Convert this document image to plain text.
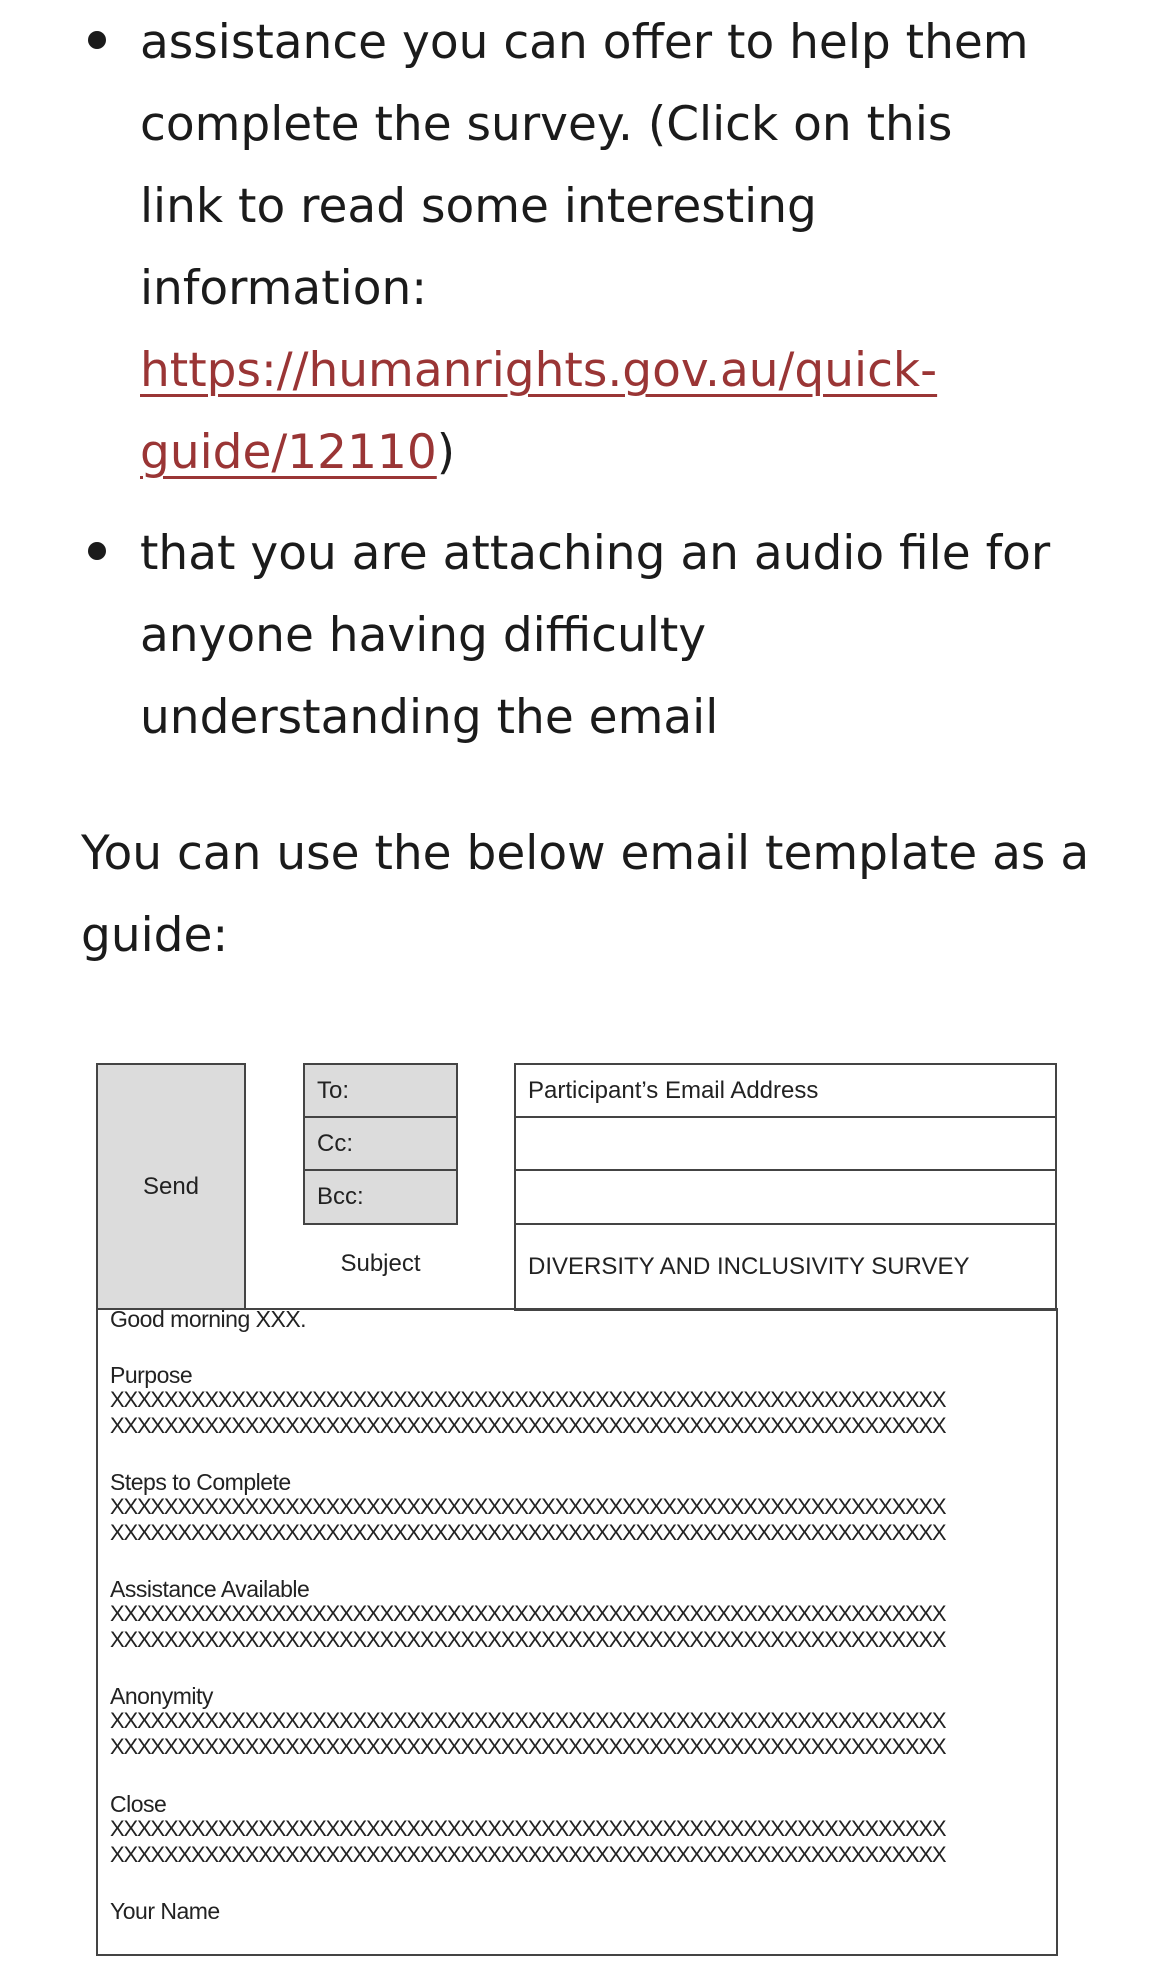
assistance you can offer to help them
complete the survey. (Click on this
link to read some interesting
information:
https://humanrights.gov.au/quick-
guide/12110)
that you are attaching an audio file for
anyone having difficulty
understanding the email
You can use the below email template as a
guide:
Send
To:
Cc:
Bcc:
Participant’s Email Address
Subject	DIVERSITY AND INCLUSIVITY SURVEY
Good morning XXX.
Purpose
XXXXXXXXXXXXXXXXXXXXXXXXXXXXXXXXXXXXXXXXXXXXXXXXXXXXXXXXXXXXXX
XXXXXXXXXXXXXXXXXXXXXXXXXXXXXXXXXXXXXXXXXXXXXXXXXXXXXXXXXXXXXX
Steps to Complete
XXXXXXXXXXXXXXXXXXXXXXXXXXXXXXXXXXXXXXXXXXXXXXXXXXXXXXXXXXXXXX
XXXXXXXXXXXXXXXXXXXXXXXXXXXXXXXXXXXXXXXXXXXXXXXXXXXXXXXXXXXXXX
Assistance Available
XXXXXXXXXXXXXXXXXXXXXXXXXXXXXXXXXXXXXXXXXXXXXXXXXXXXXXXXXXXXXX
XXXXXXXXXXXXXXXXXXXXXXXXXXXXXXXXXXXXXXXXXXXXXXXXXXXXXXXXXXXXXX
Anonymity
XXXXXXXXXXXXXXXXXXXXXXXXXXXXXXXXXXXXXXXXXXXXXXXXXXXXXXXXXXXXXX
XXXXXXXXXXXXXXXXXXXXXXXXXXXXXXXXXXXXXXXXXXXXXXXXXXXXXXXXXXXXXX
Close
XXXXXXXXXXXXXXXXXXXXXXXXXXXXXXXXXXXXXXXXXXXXXXXXXXXXXXXXXXXXXX
XXXXXXXXXXXXXXXXXXXXXXXXXXXXXXXXXXXXXXXXXXXXXXXXXXXXXXXXXXXXXX
Your Name
